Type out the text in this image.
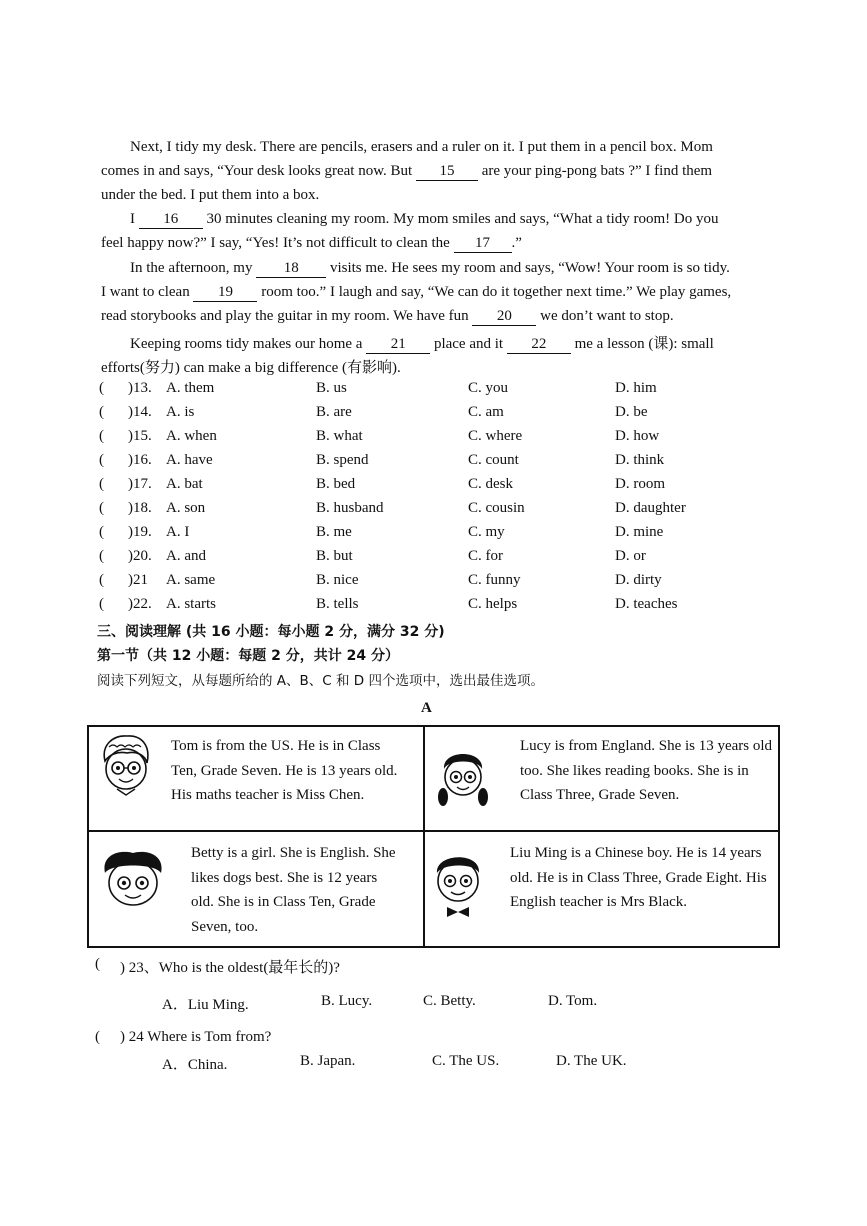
Next, I tidy my desk. There are pencils, erasers and a ruler on it. I put them in a pencil box. Mom
comes in and says, “Your desk looks great now. But 15 are your ping-pong bats ?” I find them
under the bed. I put them into a box.
I 16 30 minutes cleaning my room. My mom smiles and says, “What a tidy room! Do you
feel happy now?” I say, “Yes! It’s not difficult to clean the 17 .”
In the afternoon, my 18 visits me. He sees my room and says, “Wow! Your room is so tidy.
I want to clean 19 room too.” I laugh and say, “We can do it together next time.” We play games,
read storybooks and play the guitar in my room. We have fun 20 we don’t want to stop.
Keeping rooms tidy makes our home a 21 place and it 22 me a lesson (课): small
efforts(努力) can make a big difference (有影响).
( )13. A. them	B. us	C. you	D. him
( )14. A. is	B. are	C. am	D. be
( )15. A. when	B. what	C. where	D. how
( )16. A. have	B. spend	C. count	D. think
( )17. A. bat	B. bed	C. desk	D. room
( )18. A. son	B. husband	C. cousin	D. daughter
( )19. A. I	B. me	C. my	D. mine
( )20. A. and	B. but	C. for	D. or
( )21 A. same	B. nice	C. funny	D. dirty
( )22. A. starts	B. tells	C. helps	D. teaches
三、阅读理解 (共 16 小题：每小题 2 分，满分 32 分)
第一节（共 12 小题：每题 2 分，共计 24 分）
阅读下列短文，从每题所给的 A、B、C 和 D 四个选项中，选出最佳选项。
A
Tom is from the US. He is in Class
Ten, Grade Seven. He is 13 years old.
His maths teacher is Miss Chen.
Lucy is from England. She is 13 years old
too. She likes reading books. She is in
Class Three, Grade Seven.
Betty is a girl. She is English. She
likes dogs best. She is 12 years
old. She is in Class Ten, Grade
Seven, too.
Liu Ming is a Chinese boy. He is 14 years
old. He is in Class Three, Grade Eight. His
English teacher is Mrs Black.
( ) 23、Who is the oldest(最年长的)?
A．Liu Ming.	B. Lucy.	C. Betty.	D. Tom.
( ) 24 Where is Tom from?
A．China.	B. Japan.	C. The US.	D. The UK.
